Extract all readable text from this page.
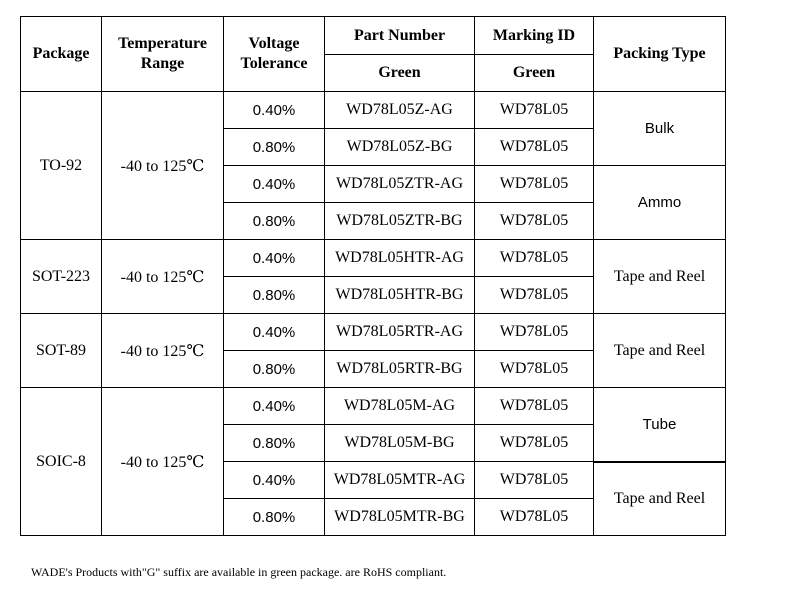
Package	Temperature Range	Voltage Tolerance	Part Number	Marking ID	Packing Type
			Green	Green	
TO-92	-40 to 125℃	0.40%	WD78L05Z-AG	WD78L05	Bulk
		0.80%	WD78L05Z-BG	WD78L05	
		0.40%	WD78L05ZTR-AG	WD78L05	Ammo
		0.80%	WD78L05ZTR-BG	WD78L05	
SOT-223	-40 to 125℃	0.40%	WD78L05HTR-AG	WD78L05	Tape and Reel
		0.80%	WD78L05HTR-BG	WD78L05	
SOT-89	-40 to 125℃	0.40%	WD78L05RTR-AG	WD78L05	Tape and Reel
		0.80%	WD78L05RTR-BG	WD78L05	
SOIC-8	-40 to 125℃	0.40%	WD78L05M-AG	WD78L05	Tube
		0.80%	WD78L05M-BG	WD78L05	
		0.40%	WD78L05MTR-AG	WD78L05	Tape and Reel
		0.80%	WD78L05MTR-BG	WD78L05	
WADE's Products with"G" suffix are available in green package. are RoHS compliant.
